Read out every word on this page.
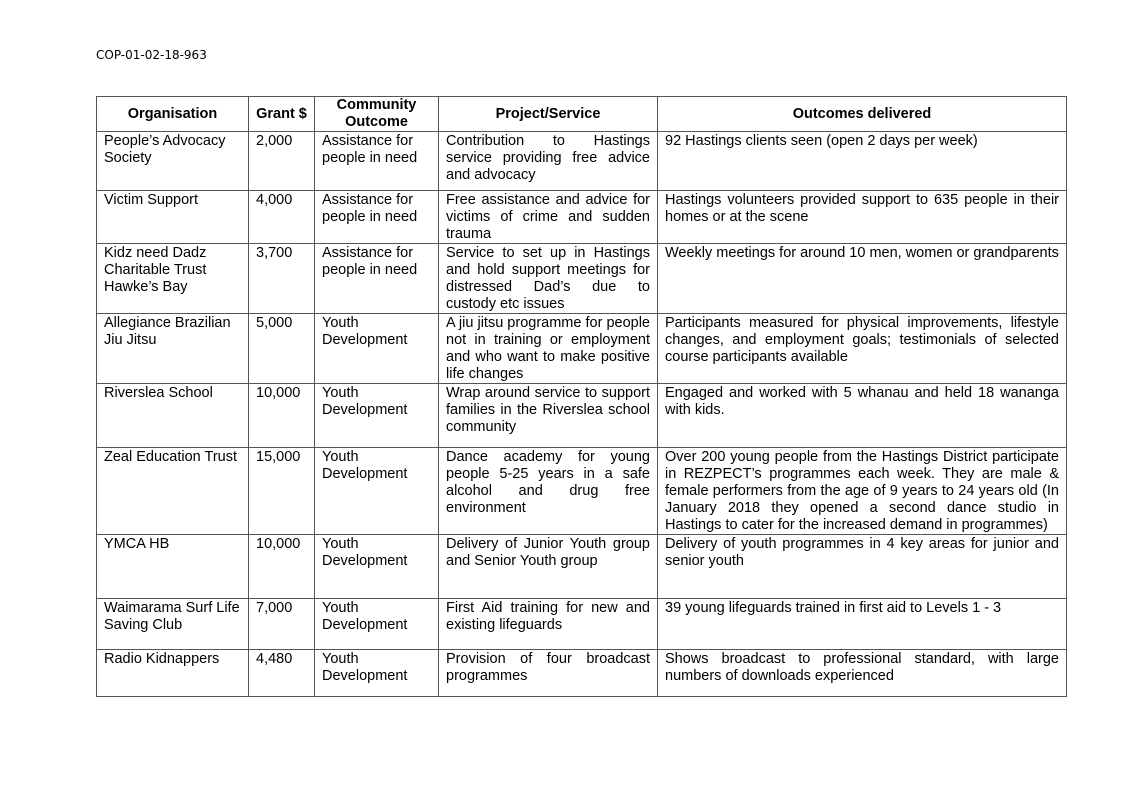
COP-01-02-18-963
Organisation	Grant $	Community Outcome	Project/Service	Outcomes delivered
People’s Advocacy Society	2,000	Assistance for people in need	Contribution to Hastings service providing free advice and advocacy	92 Hastings clients seen (open 2 days per week)
Victim Support	4,000	Assistance for people in need	Free assistance and advice for victims of crime and sudden trauma	Hastings volunteers provided support to 635 people in their homes or at the scene
Kidz need Dadz Charitable Trust Hawke’s Bay	3,700	Assistance for people in need	Service to set up in Hastings and hold support meetings for distressed Dad’s due to custody etc issues	Weekly meetings for around 10 men, women or grandparents
Allegiance Brazilian Jiu Jitsu	5,000	Youth Development	A jiu jitsu programme for people not in training or employment and who want to make positive life changes	Participants measured for physical improvements, lifestyle changes, and employment goals; testimonials of selected course participants available
Riverslea School	10,000	Youth Development	Wrap around service to support families in the Riverslea school community	Engaged and worked with 5 whanau and held 18 wananga with kids.
Zeal Education Trust	15,000	Youth Development	Dance academy for young people 5-25 years in a safe alcohol and drug free environment	Over 200 young people from the Hastings District participate in REZPECT’s programmes each week. They are male & female performers from the age of 9 years to 24 years old (In January 2018 they opened a second dance studio in Hastings to cater for the increased demand in programmes)
YMCA HB	10,000	Youth Development	Delivery of Junior Youth group and Senior Youth group	Delivery of youth programmes in 4 key areas for junior and senior youth
Waimarama Surf Life Saving Club	7,000	Youth Development	First Aid training for new and existing lifeguards	39 young lifeguards trained in first aid to Levels 1 - 3
Radio Kidnappers	4,480	Youth Development	Provision of four broadcast programmes	Shows broadcast to professional standard, with large numbers of downloads experienced
